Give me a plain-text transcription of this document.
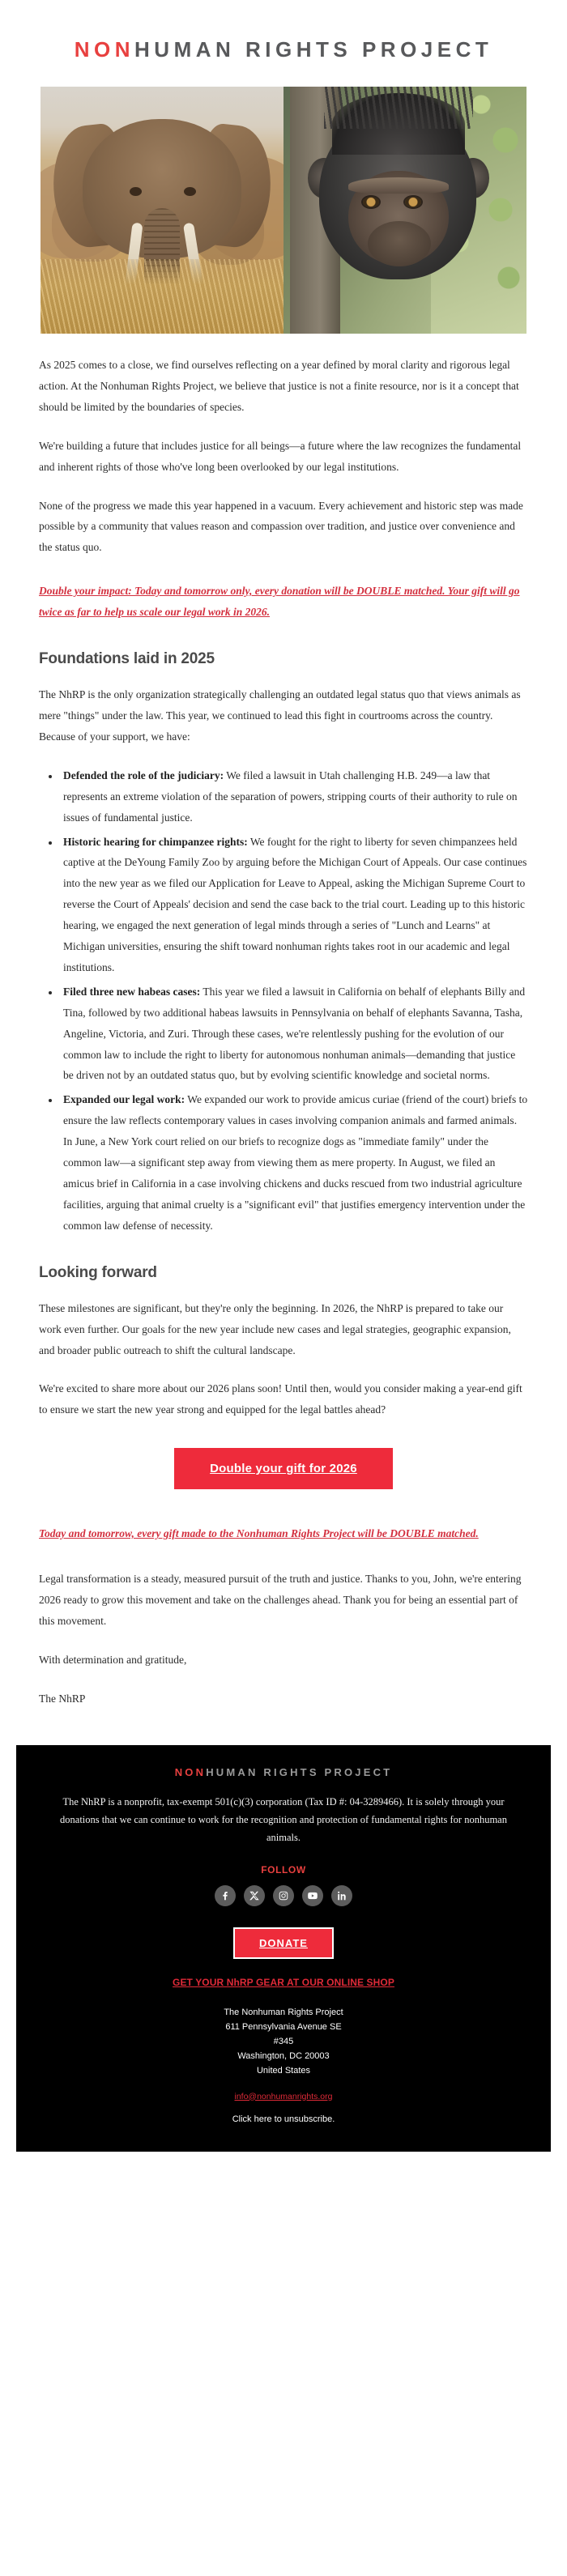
NONHUMAN RIGHTS PROJECT

As 2025 comes to a close, we find ourselves reflecting on a year defined by moral clarity and rigorous legal action. At the Nonhuman Rights Project, we believe that justice is not a finite resource, nor is it a concept that should be limited by the boundaries of species.

We're building a future that includes justice for all beings—a future where the law recognizes the fundamental and inherent rights of those who've long been overlooked by our legal institutions.

None of the progress we made this year happened in a vacuum. Every achievement and historic step was made possible by a community that values reason and compassion over tradition, and justice over convenience and the status quo.

Double your impact: Today and tomorrow only, every donation will be DOUBLE matched. Your gift will go twice as far to help us scale our legal work in 2026.
Foundations laid in 2025

The NhRP is the only organization strategically challenging an outdated legal status quo that views animals as mere "things" under the law. This year, we continued to lead this fight in courtrooms across the country. Because of your support, we have:

• Defended the role of the judiciary: We filed a lawsuit in Utah challenging H.B. 249—a law that represents an extreme violation of the separation of powers, stripping courts of their authority to rule on issues of fundamental justice.
• Historic hearing for chimpanzee rights: We fought for the right to liberty for seven chimpanzees held captive at the DeYoung Family Zoo by arguing before the Michigan Court of Appeals. Our case continues into the new year as we filed our Application for Leave to Appeal, asking the Michigan Supreme Court to reverse the Court of Appeals' decision and send the case back to the trial court. Leading up to this historic hearing, we engaged the next generation of legal minds through a series of "Lunch and Learns" at Michigan universities, ensuring the shift toward nonhuman rights takes root in our academic and legal institutions.
• Filed three new habeas cases: This year we filed a lawsuit in California on behalf of elephants Billy and Tina, followed by two additional habeas lawsuits in Pennsylvania on behalf of elephants Savanna, Tasha, Angeline, Victoria, and Zuri. Through these cases, we're relentlessly pushing for the evolution of our common law to include the right to liberty for autonomous nonhuman animals—demanding that justice be driven not by an outdated status quo, but by evolving scientific knowledge and societal norms.
• Expanded our legal work: We expanded our work to provide amicus curiae (friend of the court) briefs to ensure the law reflects contemporary values in cases involving companion animals and farmed animals. In June, a New York court relied on our briefs to recognize dogs as "immediate family" under the common law—a significant step away from viewing them as mere property. In August, we filed an amicus brief in California in a case involving chickens and ducks rescued from two industrial agriculture facilities, arguing that animal cruelty is a "significant evil" that justifies emergency intervention under the common law defense of necessity.
Looking forward

These milestones are significant, but they're only the beginning. In 2026, the NhRP is prepared to take our work even further. Our goals for the new year include new cases and legal strategies, geographic expansion, and broader public outreach to shift the cultural landscape.

We're excited to share more about our 2026 plans soon! Until then, would you consider making a year-end gift to ensure we start the new year strong and equipped for the legal battles ahead?

Double your gift for 2026
Today and tomorrow, every gift made to the Nonhuman Rights Project will be DOUBLE matched.

Legal transformation is a steady, measured pursuit of the truth and justice. Thanks to you, John, we're entering 2026 ready to grow this movement and take on the challenges ahead. Thank you for being an essential part of this movement.

With determination and gratitude,

The NhRP

NONHUMAN RIGHTS PROJECT

The NhRP is a nonprofit, tax-exempt 501(c)(3) corporation (Tax ID #: 04-3289466). It is solely through your donations that we can continue to work for the recognition and protection of fundamental rights for nonhuman animals.

FOLLOW
DONATE
GET YOUR NhRP GEAR AT OUR ONLINE SHOP
The Nonhuman Rights Project
611 Pennsylvania Avenue SE
#345
Washington, DC 20003
United States
info@nonhumanrights.org
Click here to unsubscribe.
